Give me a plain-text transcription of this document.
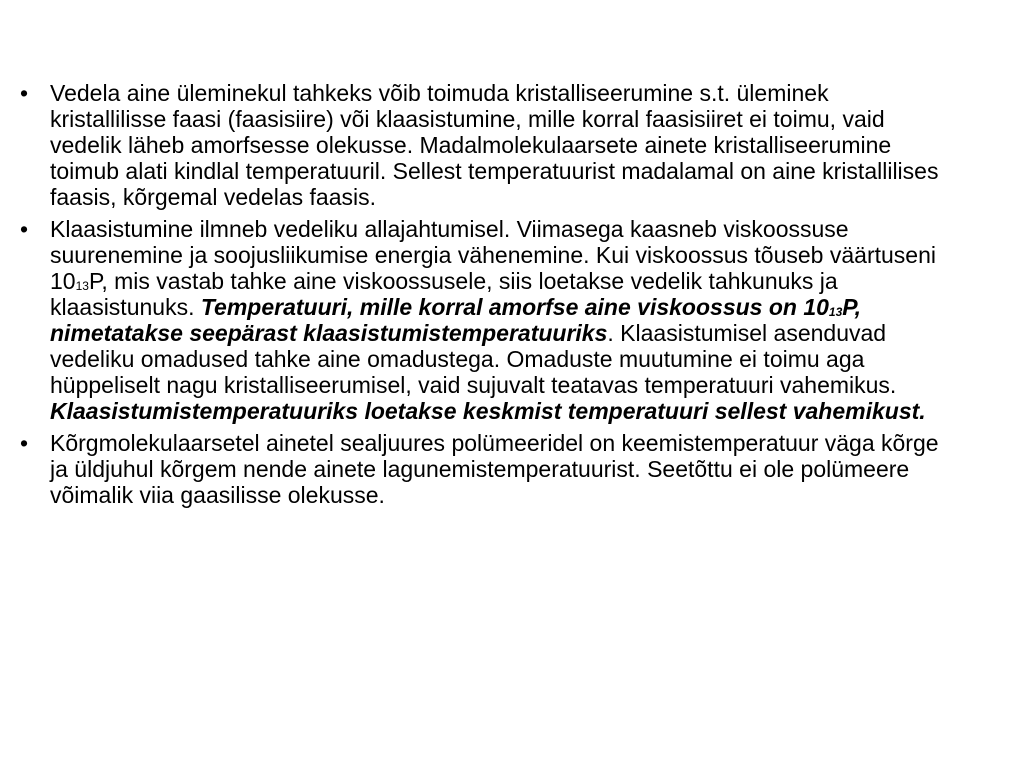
• Vedela aine üleminekul tahkeks võib toimuda kristalliseerumine s.t. üleminek kristallilisse faasi (faasisiire) või klaasistumine, mille korral faasisiiret ei toimu, vaid vedelik läheb amorfsesse olekusse. Madalmolekulaarsete ainete kristalliseerumine toimub alati kindlal temperatuuril. Sellest temperatuurist madalamal on aine kristallilises faasis, kõrgemal vedelas faasis.
• Klaasistumine ilmneb vedeliku allajahtumisel. Viimasega kaasneb viskoossuse suurenemine ja soojusliikumise energia vähenemine. Kui viskoossus tõuseb väärtuseni $10_{13}P$, mis vastab tahke aine viskoossusele, siis loetakse vedelik tahkunuks ja klaasistunuks. Temperatuuri, mille korral amorfse aine viskoossus on $10_{13}P$, nimetatakse seepärast klaasistumistemperatuuriks. Klaasistumisel asenduvad vedeliku omadused tahke aine omadustega. Omaduste muutumine ei toimu aga hüppeliselt nagu kristalliseerumisel, vaid sujuvalt teatavas temperatuuri vahemikus. Klaasistumistemperatuuriks loetakse keskmist temperatuuri sellest vahemikust.
• Kõrgmolekulaarsetel ainetel sealjuures polümeeridel on keemistemperatuur väga kõrge ja üldjuhul kõrgem nende ainete lagunemistemperatuurist. Seetõttu ei ole polümeere võimalik viia gaasilisse olekusse.
